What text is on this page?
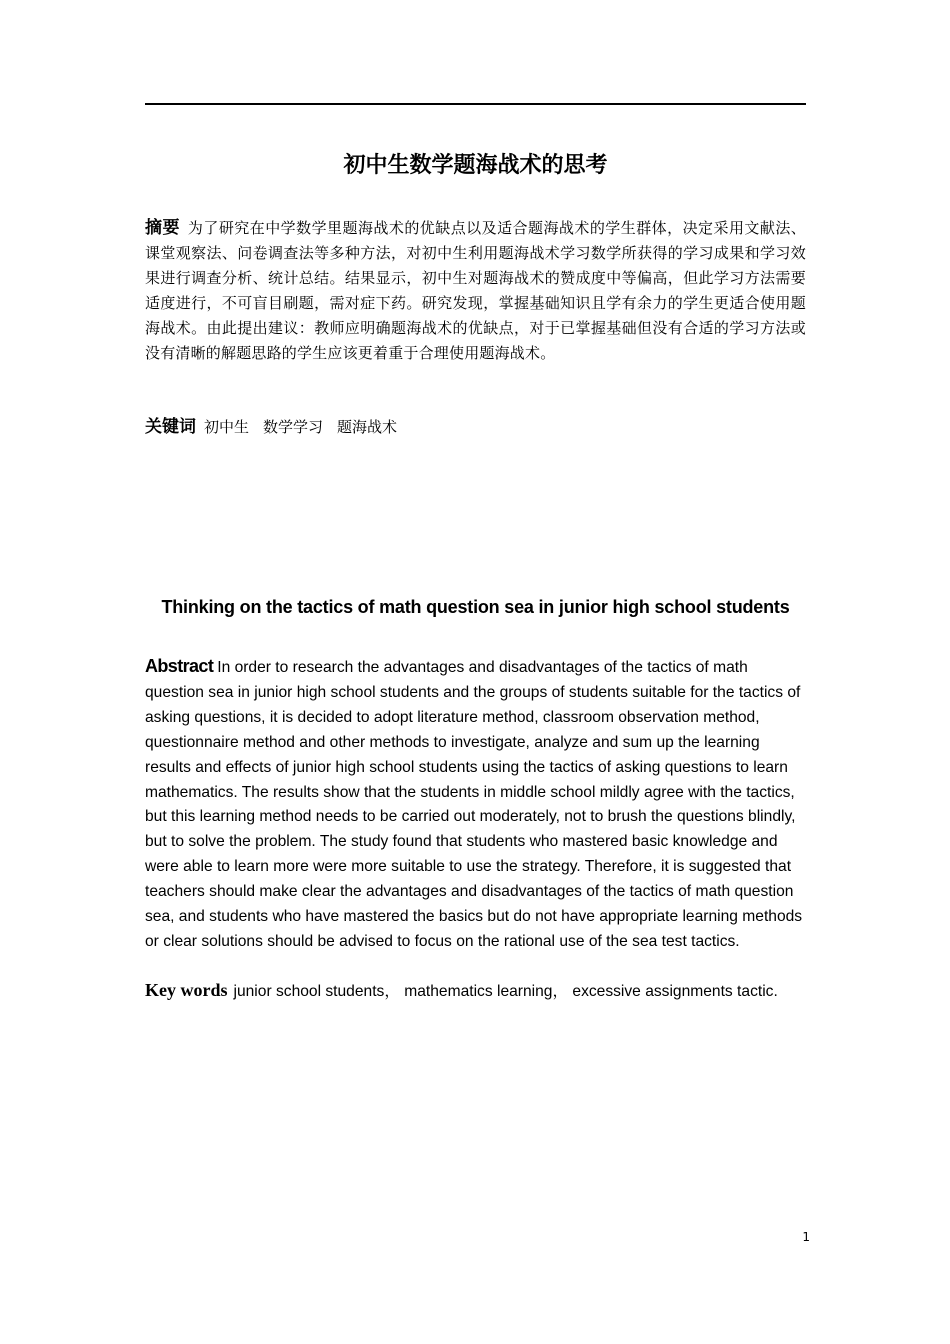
初中生数学题海战术的思考

摘要 为了研究在中学数学里题海战术的优缺点以及适合题海战术的学生群体，决定采用文献法、课堂观察法、问卷调查法等多种方法，对初中生利用题海战术学习数学所获得的学习成果和学习效果进行调查分析、统计总结。结果显示，初中生对题海战术的赞成度中等偏高，但此学习方法需要适度进行，不可盲目刷题，需对症下药。研究发现，掌握基础知识且学有余力的学生更适合使用题海战术。由此提出建议：教师应明确题海战术的优缺点，对于已掌握基础但没有合适的学习方法或没有清晰的解题思路的学生应该更着重于合理使用题海战术。

关键词 初中生 数学学习 题海战术

Thinking on the tactics of math question sea in junior high school students

Abstract In order to research the advantages and disadvantages of the tactics of math question sea in junior high school students and the groups of students suitable for the tactics of asking questions, it is decided to adopt literature method, classroom observation method, questionnaire method and other methods to investigate, analyze and sum up the learning results and effects of junior high school students using the tactics of asking questions to learn mathematics. The results show that the students in middle school mildly agree with the tactics, but this learning method needs to be carried out moderately, not to brush the questions blindly, but to solve the problem. The study found that students who mastered basic knowledge and were able to learn more were more suitable to use the strategy. Therefore, it is suggested that teachers should make clear the advantages and disadvantages of the tactics of math question sea, and students who have mastered the basics but do not have appropriate learning methods or clear solutions should be advised to focus on the rational use of the sea test tactics.

Key words junior school students， mathematics learning， excessive assignments tactic.

1
